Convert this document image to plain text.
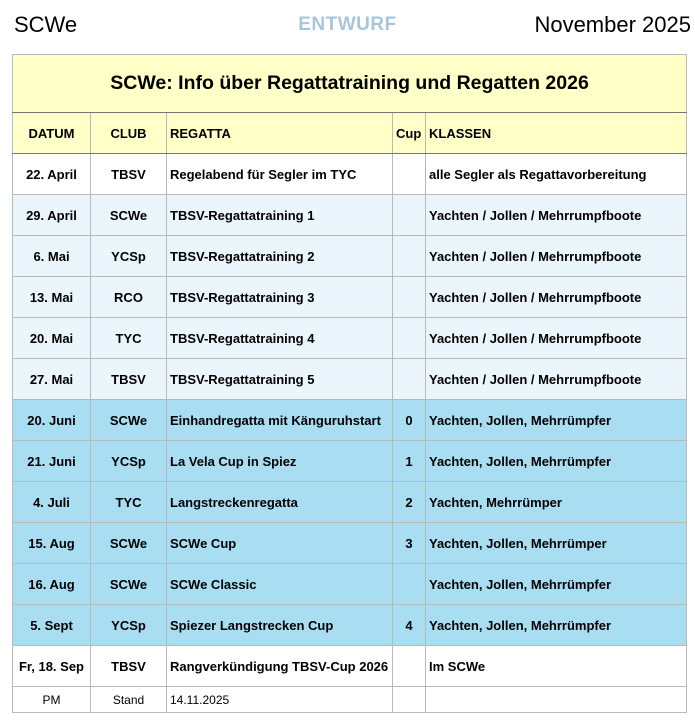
SCWe	ENTWURF	November 2025
SCWe: Info über Regattatraining und Regatten 2026				
DATUM	CLUB	REGATTA	Cup	KLASSEN
22. April	TBSV	Regelabend für Segler im TYC		alle Segler als Regattavorbereitung
29. April	SCWe	TBSV-Regattatraining 1		Yachten / Jollen / Mehrrumpfboote
6. Mai	YCSp	TBSV-Regattatraining 2		Yachten / Jollen / Mehrrumpfboote
13. Mai	RCO	TBSV-Regattatraining 3		Yachten / Jollen / Mehrrumpfboote
20. Mai	TYC	TBSV-Regattatraining 4		Yachten / Jollen / Mehrrumpfboote
27. Mai	TBSV	TBSV-Regattatraining 5		Yachten / Jollen / Mehrrumpfboote
20. Juni	SCWe	Einhandregatta mit Känguruhstart	0	Yachten, Jollen, Mehrrümpfer
21. Juni	YCSp	La Vela Cup in Spiez	1	Yachten, Jollen, Mehrrümpfer
4. Juli	TYC	Langstreckenregatta	2	Yachten, Mehrrümper
15. Aug	SCWe	SCWe Cup	3	Yachten, Jollen, Mehrrümper
16. Aug	SCWe	SCWe Classic		Yachten, Jollen, Mehrrümpfer
5. Sept	YCSp	Spiezer Langstrecken Cup	4	Yachten, Jollen, Mehrrümpfer
Fr, 18. Sep	TBSV	Rangverkündigung TBSV-Cup 2026		Im SCWe
PM	Stand	14.11.2025		
